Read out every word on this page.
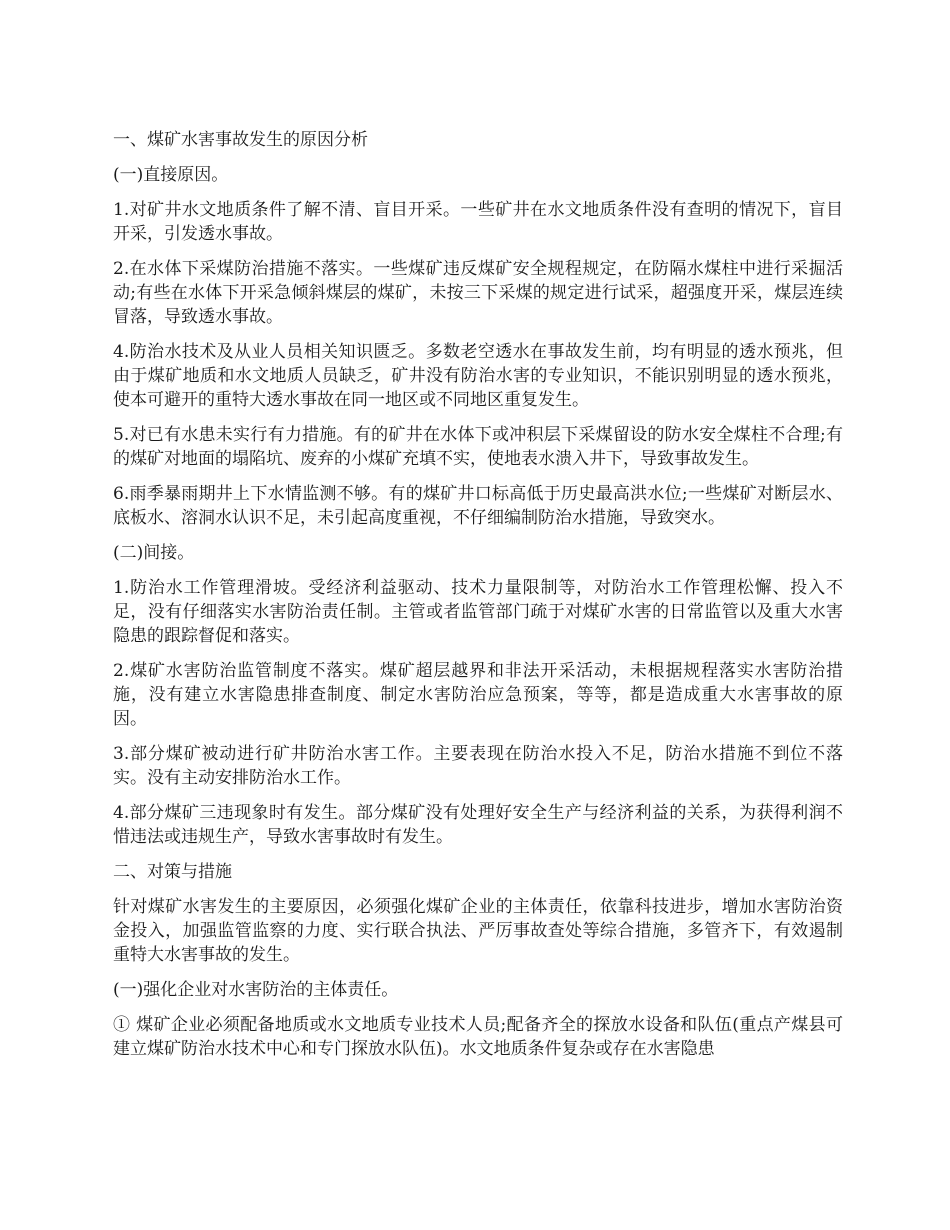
一、煤矿水害事故发生的原因分析

(一)直接原因。

1.对矿井水文地质条件了解不清、盲目开采。一些矿井在水文地质条件没有查明的情况下，盲目开采，引发透水事故。

2.在水体下采煤防治措施不落实。一些煤矿违反煤矿安全规程规定，在防隔水煤柱中进行采掘活动;有些在水体下开采急倾斜煤层的煤矿，未按三下采煤的规定进行试采，超强度开采，煤层连续冒落，导致透水事故。

4.防治水技术及从业人员相关知识匮乏。多数老空透水在事故发生前，均有明显的透水预兆，但由于煤矿地质和水文地质人员缺乏，矿井没有防治水害的专业知识，不能识别明显的透水预兆，使本可避开的重特大透水事故在同一地区或不同地区重复发生。

5.对已有水患未实行有力措施。有的矿井在水体下或冲积层下采煤留设的防水安全煤柱不合理;有的煤矿对地面的塌陷坑、废弃的小煤矿充填不实，使地表水溃入井下，导致事故发生。

6.雨季暴雨期井上下水情监测不够。有的煤矿井口标高低于历史最高洪水位;一些煤矿对断层水、底板水、溶洞水认识不足，未引起高度重视，不仔细编制防治水措施，导致突水。

(二)间接。

1.防治水工作管理滑坡。受经济利益驱动、技术力量限制等，对防治水工作管理松懈、投入不足，没有仔细落实水害防治责任制。主管或者监管部门疏于对煤矿水害的日常监管以及重大水害隐患的跟踪督促和落实。

2.煤矿水害防治监管制度不落实。煤矿超层越界和非法开采活动，未根据规程落实水害防治措施，没有建立水害隐患排查制度、制定水害防治应急预案，等等，都是造成重大水害事故的原因。

3.部分煤矿被动进行矿井防治水害工作。主要表现在防治水投入不足，防治水措施不到位不落实。没有主动安排防治水工作。

4.部分煤矿三违现象时有发生。部分煤矿没有处理好安全生产与经济利益的关系，为获得利润不惜违法或违规生产，导致水害事故时有发生。

二、对策与措施

针对煤矿水害发生的主要原因，必须强化煤矿企业的主体责任，依靠科技进步，增加水害防治资金投入，加强监管监察的力度、实行联合执法、严厉事故查处等综合措施，多管齐下，有效遏制重特大水害事故的发生。

(一)强化企业对水害防治的主体责任。

① 煤矿企业必须配备地质或水文地质专业技术人员;配备齐全的探放水设备和队伍(重点产煤县可建立煤矿防治水技术中心和专门探放水队伍)。水文地质条件复杂或存在水害隐患
